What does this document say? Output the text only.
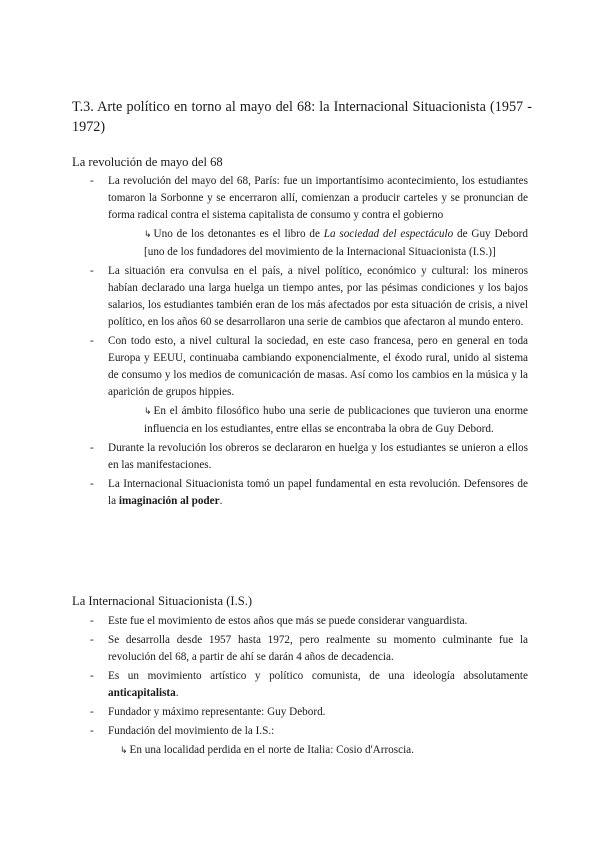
T.3. Arte político en torno al mayo del 68: la Internacional Situacionista (1957 - 1972)
La revolución de mayo del 68
- La revolución del mayo del 68, París: fue un importantísimo acontecimiento, los estudiantes tomaron la Sorbonne y se encerraron allí, comienzan a producir carteles y se pronuncian de forma radical contra el sistema capitalista de consumo y contra el gobierno
↳ Uno de los detonantes es el libro de La sociedad del espectáculo de Guy Debord [uno de los fundadores del movimiento de la Internacional Situacionista (I.S.)]
- La situación era convulsa en el país, a nivel político, económico y cultural: los mineros habían declarado una larga huelga un tiempo antes, por las pésimas condiciones y los bajos salarios, los estudiantes también eran de los más afectados por esta situación de crisis, a nivel político, en los años 60 se desarrollaron una serie de cambios que afectaron al mundo entero.
- Con todo esto, a nivel cultural la sociedad, en este caso francesa, pero en general en toda Europa y EEUU, continuaba cambiando exponencialmente, el éxodo rural, unido al sistema de consumo y los medios de comunicación de masas. Así como los cambios en la música y la aparición de grupos hippies.
↳ En el ámbito filosófico hubo una serie de publicaciones que tuvieron una enorme influencia en los estudiantes, entre ellas se encontraba la obra de Guy Debord.
- Durante la revolución los obreros se declararon en huelga y los estudiantes se unieron a ellos en las manifestaciones.
- La Internacional Situacionista tomó un papel fundamental en esta revolución. Defensores de la imaginación al poder.
La Internacional Situacionista (I.S.)
- Este fue el movimiento de estos años que más se puede considerar vanguardista.
- Se desarrolla desde 1957 hasta 1972, pero realmente su momento culminante fue la revolución del 68, a partir de ahí se darán 4 años de decadencia.
- Es un movimiento artístico y político comunista, de una ideología absolutamente anticapitalista.
- Fundador y máximo representante: Guy Debord.
- Fundación del movimiento de la I.S.:
↳ En una localidad perdida en el norte de Italia: Cosio d'Arroscia.
